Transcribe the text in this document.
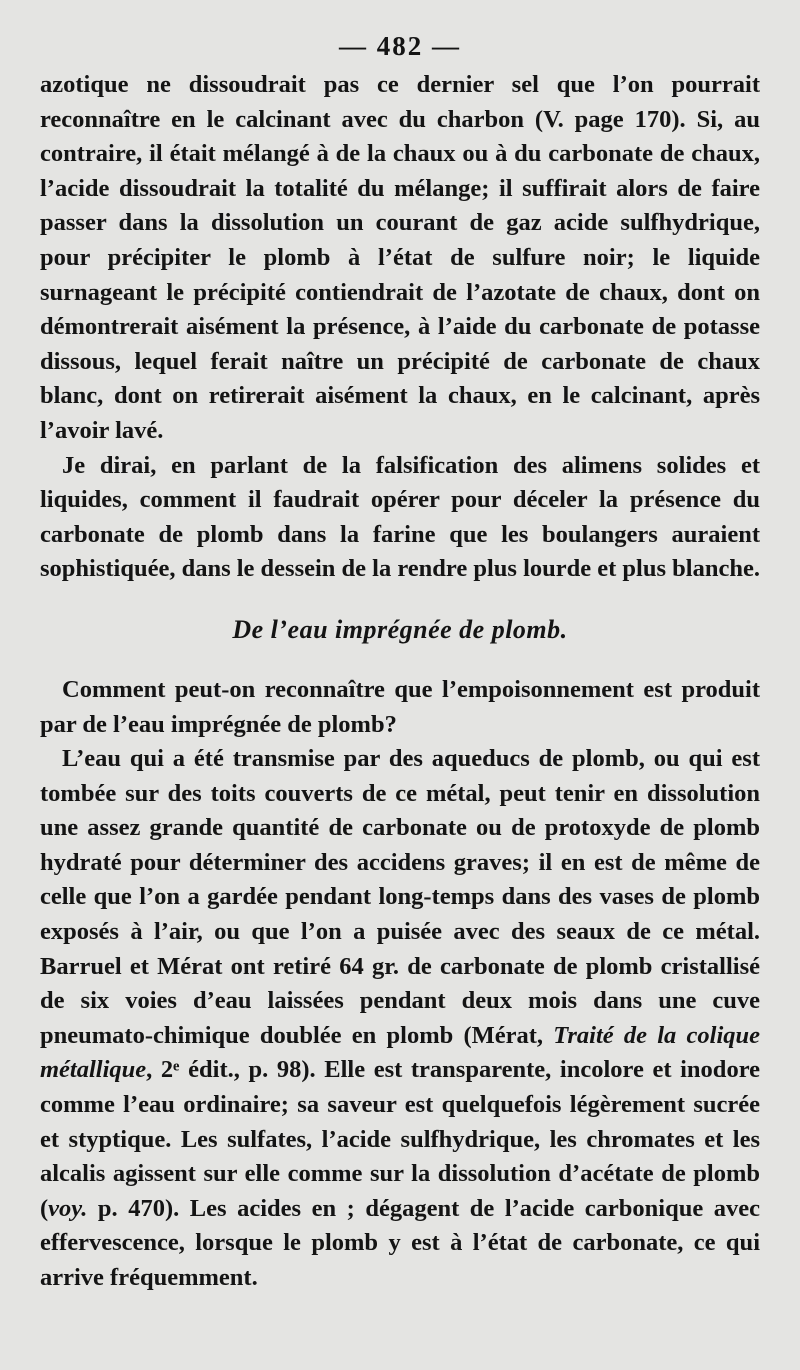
— 482 —

azotique ne dissoudrait pas ce dernier sel que l’on pourrait reconnaître en le calcinant avec du charbon (V. page 170). Si, au contraire, il était mélangé à de la chaux ou à du carbonate de chaux, l’acide dissoudrait la totalité du mélange; il suffirait alors de faire passer dans la dissolution un courant de gaz acide sulfhydrique, pour précipiter le plomb à l’état de sulfure noir; le liquide surnageant le précipité contiendrait de l’azotate de chaux, dont on démontrerait aisément la présence, à l’aide du carbonate de potasse dissous, lequel ferait naître un précipité de carbonate de chaux blanc, dont on retirerait aisément la chaux, en le calcinant, après l’avoir lavé.

Je dirai, en parlant de la falsification des alimens solides et liquides, comment il faudrait opérer pour déceler la présence du carbonate de plomb dans la farine que les boulangers auraient sophistiquée, dans le dessein de la rendre plus lourde et plus blanche.

De l’eau imprégnée de plomb.

Comment peut-on reconnaître que l’empoisonnement est produit par de l’eau imprégnée de plomb?

L’eau qui a été transmise par des aqueducs de plomb, ou qui est tombée sur des toits couverts de ce métal, peut tenir en dissolution une assez grande quantité de carbonate ou de protoxyde de plomb hydraté pour déterminer des accidens graves; il en est de même de celle que l’on a gardée pendant long-temps dans des vases de plomb exposés à l’air, ou que l’on a puisée avec des seaux de ce métal. Barruel et Mérat ont retiré 64 gr. de carbonate de plomb cristallisé de six voies d’eau laissées pendant deux mois dans une cuve pneumato-chimique doublée en plomb (Mérat, Traité de la colique métallique, 2ᵉ édit., p. 98). Elle est transparente, incolore et inodore comme l’eau ordinaire; sa saveur est quelquefois légèrement sucrée et styptique. Les sulfates, l’acide sulfhydrique, les chromates et les alcalis agissent sur elle comme sur la dissolution d’acétate de plomb (voy. p. 470). Les acides en ; dégagent de l’acide carbonique avec effervescence, lorsque le plomb y est à l’état de carbonate, ce qui arrive fréquemment.
